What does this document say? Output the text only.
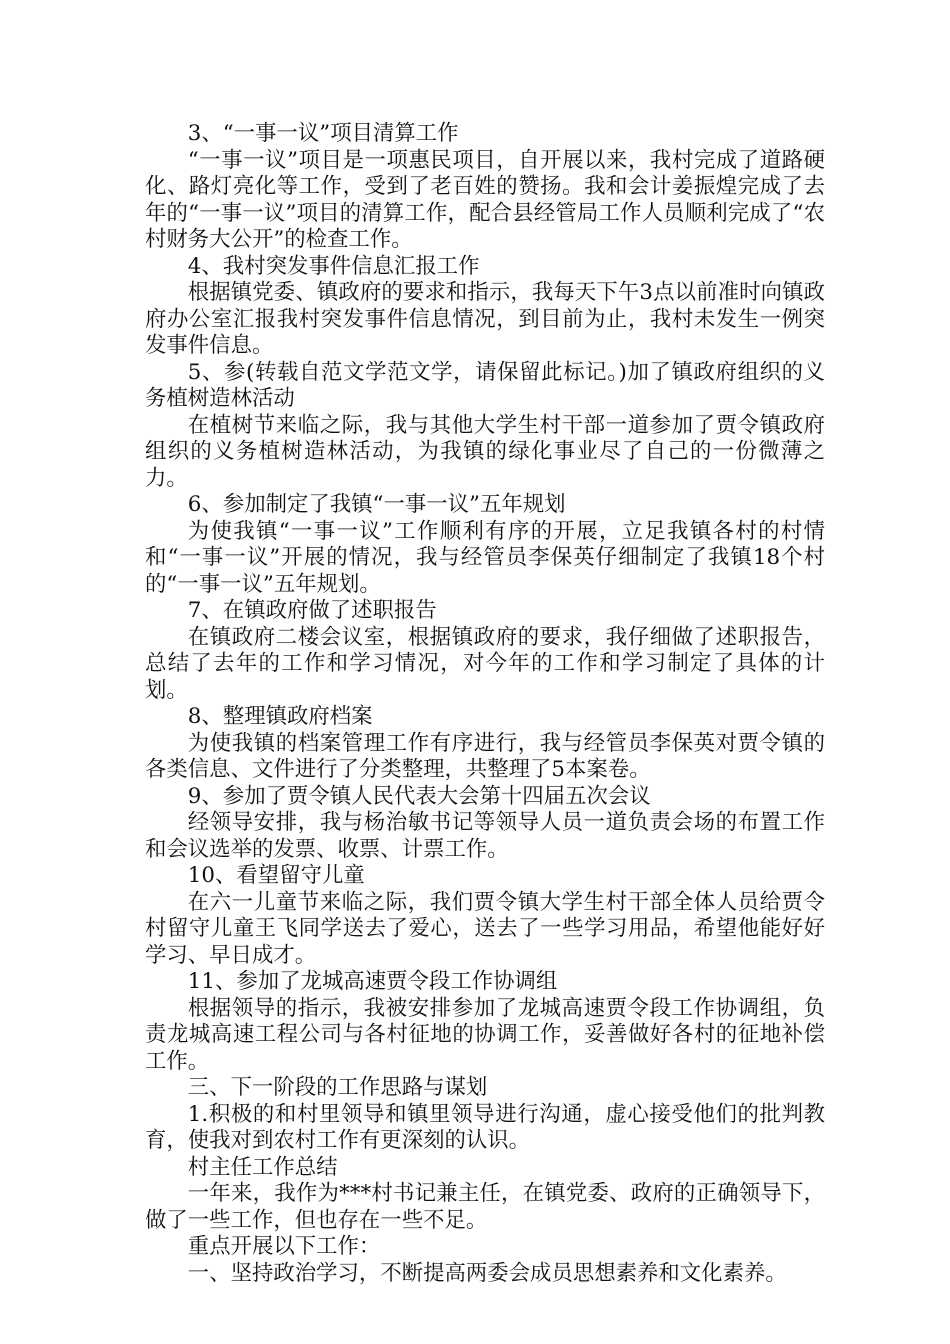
3、“一事一议”项目清算工作

“一事一议”项目是一项惠民项目，自开展以来，我村完成了道路硬化、路灯亮化等工作，受到了老百姓的赞扬。我和会计姜振煌完成了去年的“一事一议”项目的清算工作，配合县经管局工作人员顺利完成了“农村财务大公开”的检查工作。

4、我村突发事件信息汇报工作

根据镇党委、镇政府的要求和指示，我每天下午3点以前准时向镇政府办公室汇报我村突发事件信息情况，到目前为止，我村未发生一例突发事件信息。

5、参(转载自范文学范文学，请保留此标记。)加了镇政府组织的义务植树造林活动

在植树节来临之际，我与其他大学生村干部一道参加了贾令镇政府组织的义务植树造林活动，为我镇的绿化事业尽了自己的一份微薄之力。

6、参加制定了我镇“一事一议”五年规划

为使我镇“一事一议”工作顺利有序的开展，立足我镇各村的村情和“一事一议”开展的情况，我与经管员李保英仔细制定了我镇18个村的“一事一议”五年规划。

7、在镇政府做了述职报告

在镇政府二楼会议室，根据镇政府的要求，我仔细做了述职报告，总结了去年的工作和学习情况，对今年的工作和学习制定了具体的计划。

8、整理镇政府档案

为使我镇的档案管理工作有序进行，我与经管员李保英对贾令镇的各类信息、文件进行了分类整理，共整理了5本案卷。

9、参加了贾令镇人民代表大会第十四届五次会议

经领导安排，我与杨治敏书记等领导人员一道负责会场的布置工作和会议选举的发票、收票、计票工作。

10、看望留守儿童

在六一儿童节来临之际，我们贾令镇大学生村干部全体人员给贾令村留守儿童王飞同学送去了爱心，送去了一些学习用品，希望他能好好学习、早日成才。

11、参加了龙城高速贾令段工作协调组

根据领导的指示，我被安排参加了龙城高速贾令段工作协调组，负责龙城高速工程公司与各村征地的协调工作，妥善做好各村的征地补偿工作。

三、下一阶段的工作思路与谋划

1.积极的和村里领导和镇里领导进行沟通，虚心接受他们的批判教育，使我对到农村工作有更深刻的认识。

村主任工作总结

一年来，我作为***村书记兼主任，在镇党委、政府的正确领导下，做了一些工作，但也存在一些不足。

重点开展以下工作：

一、坚持政治学习，不断提高两委会成员思想素养和文化素养。
